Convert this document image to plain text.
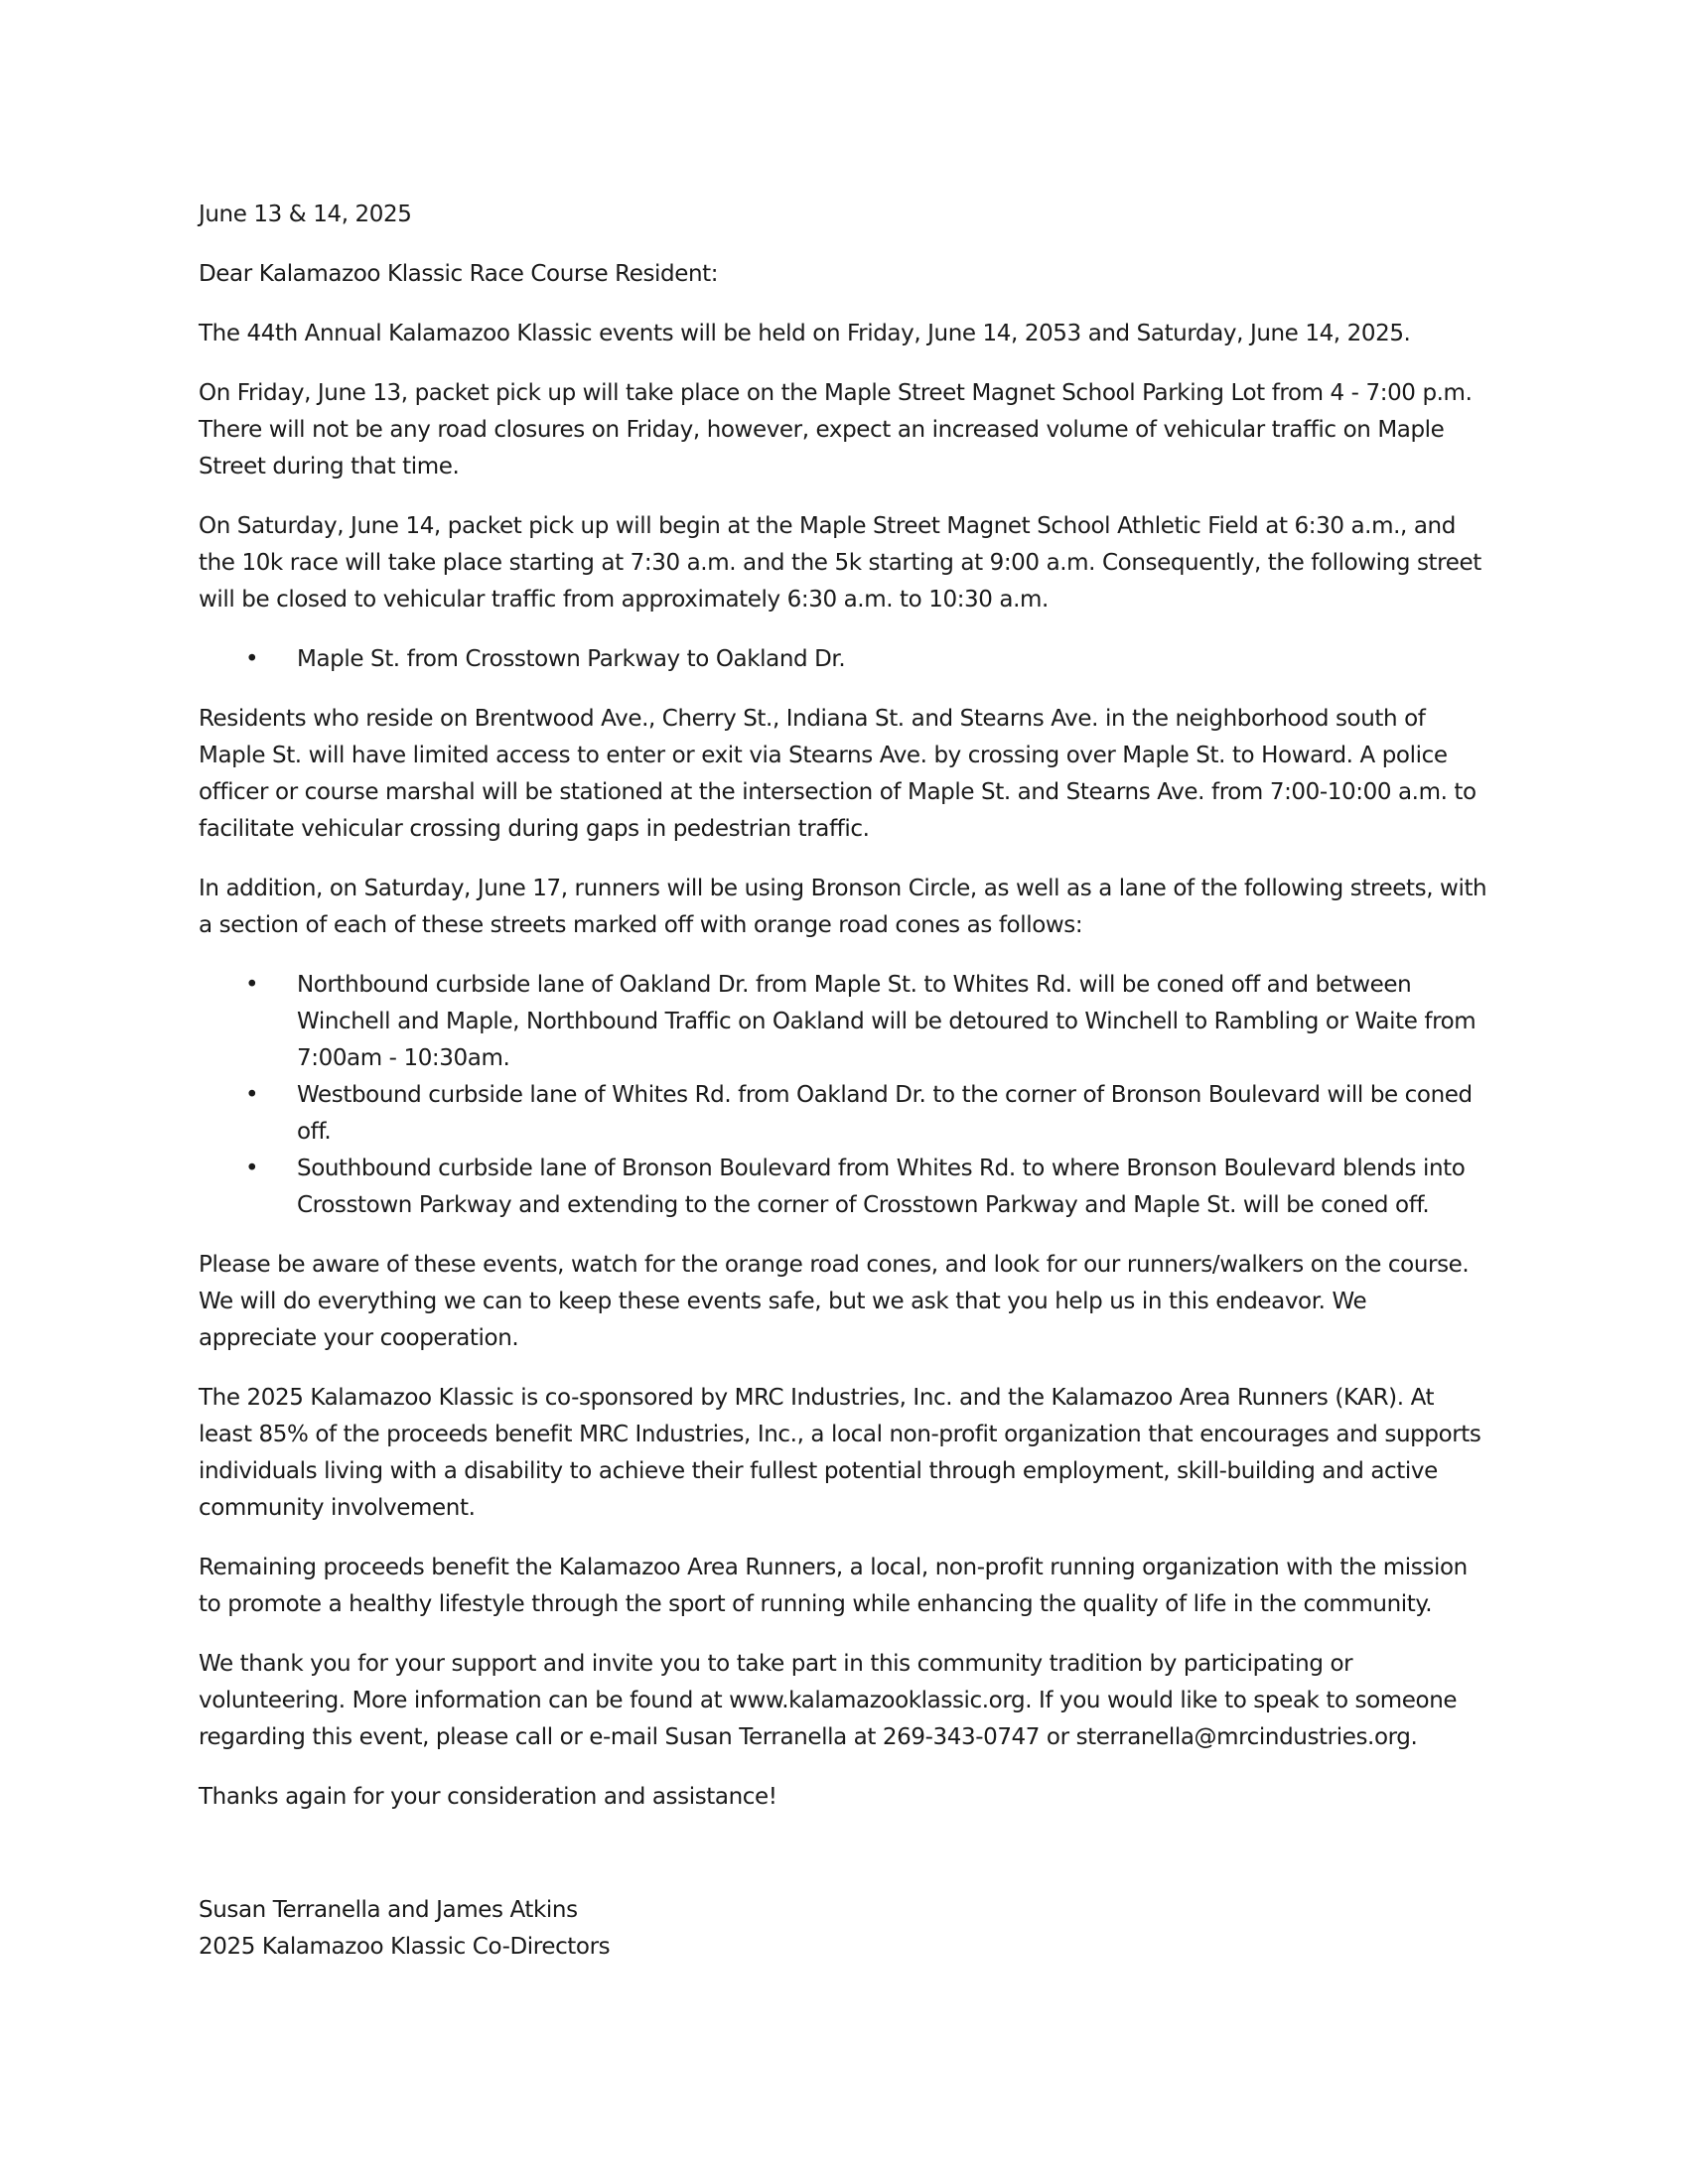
June 13 & 14, 2025

Dear Kalamazoo Klassic Race Course Resident:

The 44th Annual Kalamazoo Klassic events will be held on Friday, June 14, 2053 and Saturday, June 14, 2025.

On Friday, June 13, packet pick up will take place on the Maple Street Magnet School Parking Lot from 4 - 7:00 p.m. There will not be any road closures on Friday, however, expect an increased volume of vehicular traffic on Maple Street during that time.

On Saturday, June 14, packet pick up will begin at the Maple Street Magnet School Athletic Field at 6:30 a.m., and the 10k race will take place starting at 7:30 a.m. and the 5k starting at 9:00 a.m. Consequently, the following street will be closed to vehicular traffic from approximately 6:30 a.m. to 10:30 a.m.

• Maple St. from Crosstown Parkway to Oakland Dr.

Residents who reside on Brentwood Ave., Cherry St., Indiana St. and Stearns Ave. in the neighborhood south of Maple St. will have limited access to enter or exit via Stearns Ave. by crossing over Maple St. to Howard. A police officer or course marshal will be stationed at the intersection of Maple St. and Stearns Ave. from 7:00-10:00 a.m. to facilitate vehicular crossing during gaps in pedestrian traffic.

In addition, on Saturday, June 17, runners will be using Bronson Circle, as well as a lane of the following streets, with a section of each of these streets marked off with orange road cones as follows:

• Northbound curbside lane of Oakland Dr. from Maple St. to Whites Rd. will be coned off and between Winchell and Maple, Northbound Traffic on Oakland will be detoured to Winchell to Rambling or Waite from 7:00am - 10:30am.
• Westbound curbside lane of Whites Rd. from Oakland Dr. to the corner of Bronson Boulevard will be coned off.
• Southbound curbside lane of Bronson Boulevard from Whites Rd. to where Bronson Boulevard blends into Crosstown Parkway and extending to the corner of Crosstown Parkway and Maple St. will be coned off.

Please be aware of these events, watch for the orange road cones, and look for our runners/walkers on the course. We will do everything we can to keep these events safe, but we ask that you help us in this endeavor. We appreciate your cooperation.

The 2025 Kalamazoo Klassic is co-sponsored by MRC Industries, Inc. and the Kalamazoo Area Runners (KAR). At least 85% of the proceeds benefit MRC Industries, Inc., a local non-profit organization that encourages and supports individuals living with a disability to achieve their fullest potential through employment, skill-building and active community involvement.

Remaining proceeds benefit the Kalamazoo Area Runners, a local, non-profit running organization with the mission to promote a healthy lifestyle through the sport of running while enhancing the quality of life in the community.

We thank you for your support and invite you to take part in this community tradition by participating or volunteering. More information can be found at www.kalamazooklassic.org. If you would like to speak to someone regarding this event, please call or e-mail Susan Terranella at 269-343-0747 or sterranella@mrcindustries.org.

Thanks again for your consideration and assistance!

Susan Terranella and James Atkins
2025 Kalamazoo Klassic Co-Directors
